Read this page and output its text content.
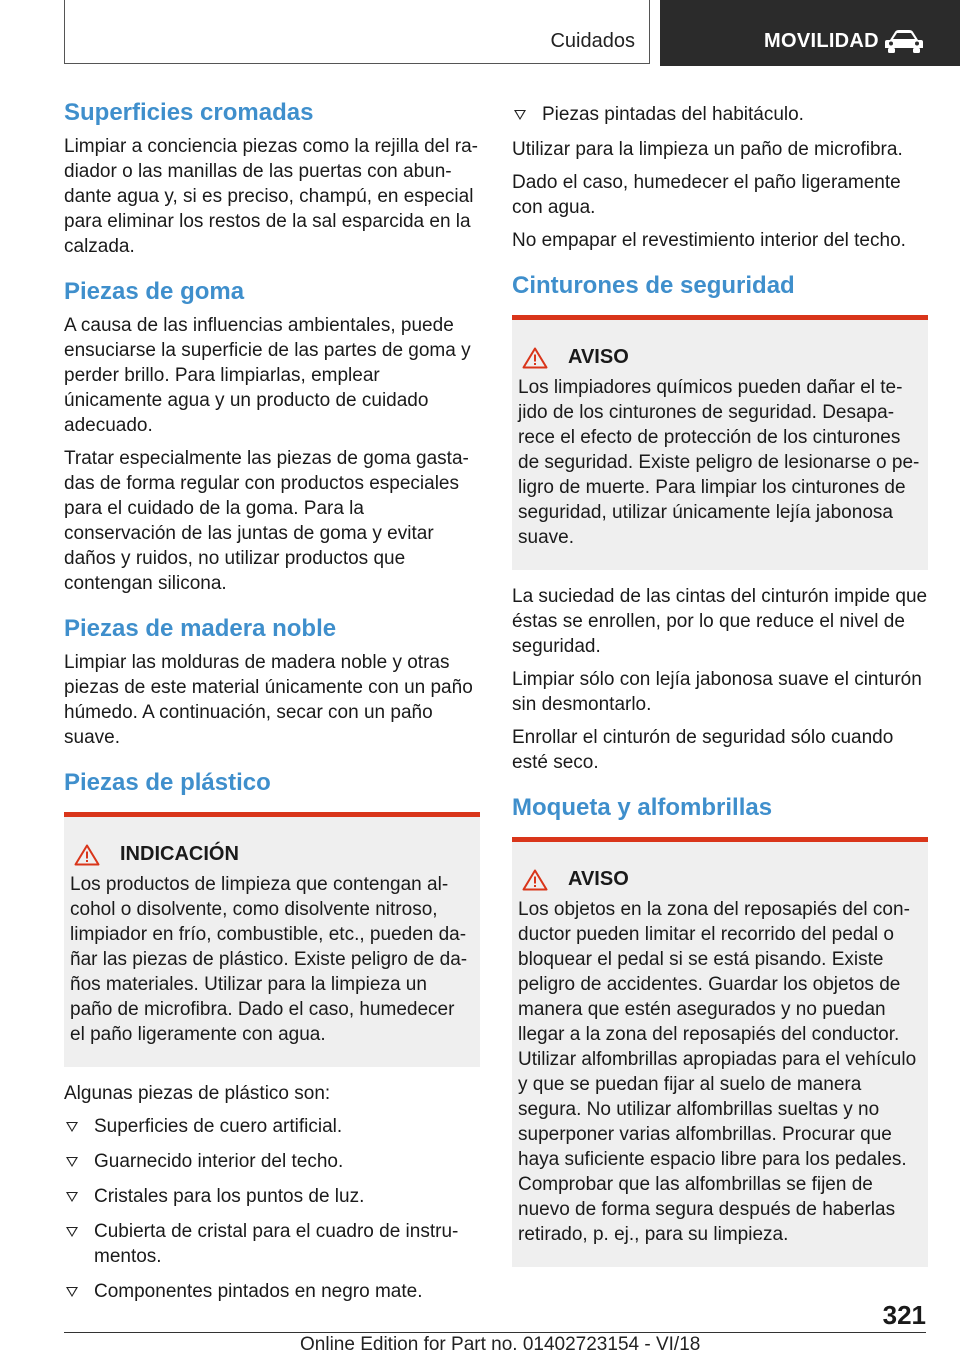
Cuidados	MOVILIDAD
Superficies cromadas

Limpiar a conciencia piezas como la rejilla del radiador o las manillas de las puertas con abundante agua y, si es preciso, champú, en especial para eliminar los restos de la sal esparcida en la calzada.

Piezas de goma

A causa de las influencias ambientales, puede ensuciarse la superficie de las partes de goma y perder brillo. Para limpiarlas, emplear únicamente agua y un producto de cuidado adecuado.

Tratar especialmente las piezas de goma gastadas de forma regular con productos especiales para el cuidado de la goma. Para la conservación de las juntas de goma y evitar daños y ruidos, no utilizar productos que contengan silicona.

Piezas de madera noble

Limpiar las molduras de madera noble y otras piezas de este material únicamente con un paño húmedo. A continuación, secar con un paño suave.

Piezas de plástico
INDICACIÓN
Los productos de limpieza que contengan alcohol o disolvente, como disolvente nitroso, limpiador en frío, combustible, etc., pueden dañar las piezas de plástico. Existe peligro de daños materiales. Utilizar para la limpieza un paño de microfibra. Dado el caso, humedecer el paño ligeramente con agua.

Algunas piezas de plástico son:

Superficies de cuero artificial.
Guarnecido interior del techo.
Cristales para los puntos de luz.
Cubierta de cristal para el cuadro de instrumentos.
Componentes pintados en negro mate.
Piezas pintadas del habitáculo.

Utilizar para la limpieza un paño de microfibra.

Dado el caso, humedecer el paño ligeramente con agua.

No empapar el revestimiento interior del techo.

Cinturones de seguridad
AVISO
Los limpiadores químicos pueden dañar el tejido de los cinturones de seguridad. Desaparece el efecto de protección de los cinturones de seguridad. Existe peligro de lesionarse o peligro de muerte. Para limpiar los cinturones de seguridad, utilizar únicamente lejía jabonosa suave.

La suciedad de las cintas del cinturón impide que éstas se enrollen, por lo que reduce el nivel de seguridad.

Limpiar sólo con lejía jabonosa suave el cinturón sin desmontarlo.

Enrollar el cinturón de seguridad sólo cuando esté seco.

Moqueta y alfombrillas
AVISO
Los objetos en la zona del reposapiés del conductor pueden limitar el recorrido del pedal o bloquear el pedal si se está pisando. Existe peligro de accidentes. Guardar los objetos de manera que estén asegurados y no puedan llegar a la zona del reposapiés del conductor. Utilizar alfombrillas apropiadas para el vehículo y que se puedan fijar al suelo de manera segura. No utilizar alfombrillas sueltas y no superponer varias alfombrillas. Procurar que haya suficiente espacio libre para los pedales. Comprobar que las alfombrillas se fijen de nuevo de forma segura después de haberlas retirado, p. ej., para su limpieza.
321
Online Edition for Part no. 01402723154 - VI/18
